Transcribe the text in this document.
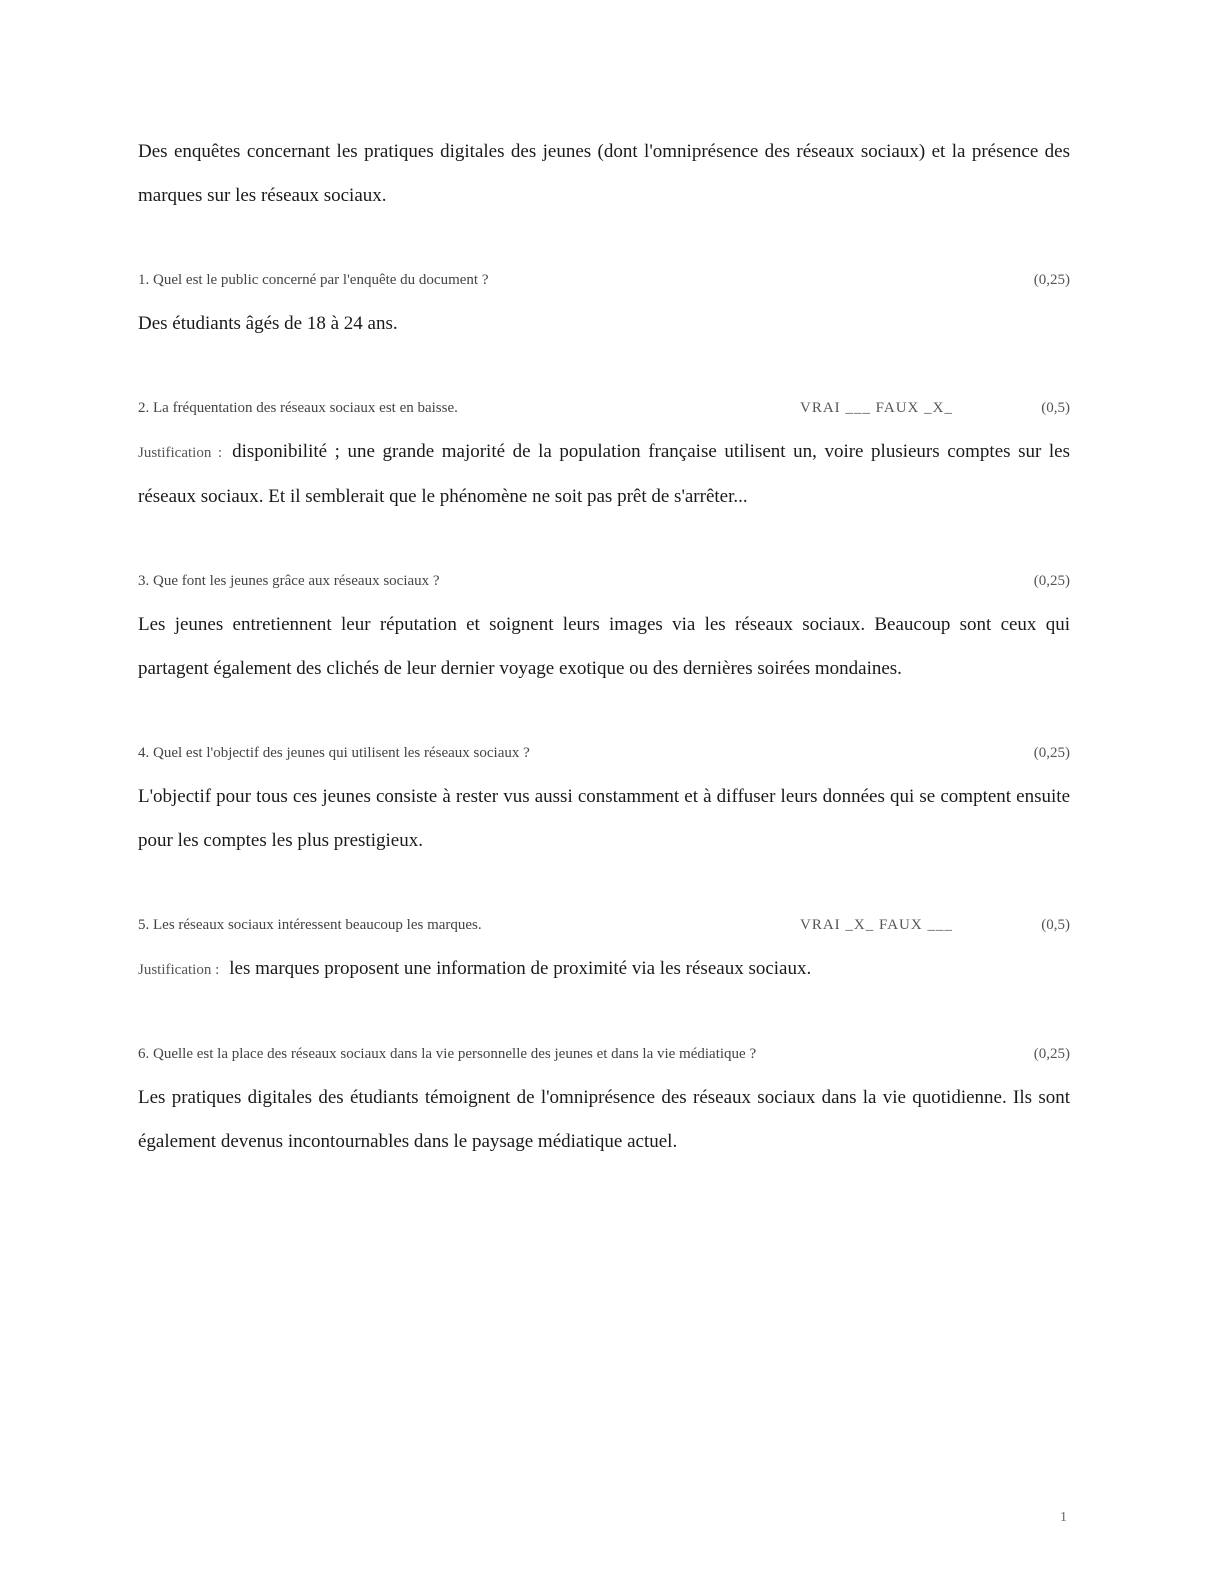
Des enquêtes concernant les pratiques digitales des jeunes (dont l'omniprésence des réseaux sociaux) et la présence des marques sur les réseaux sociaux.

1. Quel est le public concerné par l'enquête du document ?	(0,25)

Des étudiants âgés de 18 à 24 ans.

2. La fréquentation des réseaux sociaux est en baisse.	VRAI ___ FAUX _X_	(0,5)

Justification : disponibilité ; une grande majorité de la population française utilisent un, voire plusieurs comptes sur les réseaux sociaux. Et il semblerait que le phénomène ne soit pas prêt de s'arrêter...

3. Que font les jeunes grâce aux réseaux sociaux ?	(0,25)

Les jeunes entretiennent leur réputation et soignent leurs images via les réseaux sociaux. Beaucoup sont ceux qui partagent également des clichés de leur dernier voyage exotique ou des dernières soirées mondaines.

4. Quel est l'objectif des jeunes qui utilisent les réseaux sociaux ?	(0,25)

L'objectif pour tous ces jeunes consiste à rester vus aussi constamment et à diffuser leurs données qui se comptent ensuite pour les comptes les plus prestigieux.

5. Les réseaux sociaux intéressent beaucoup les marques.	VRAI _X_ FAUX ___	(0,5)

Justification : les marques proposent une information de proximité via les réseaux sociaux.

6. Quelle est la place des réseaux sociaux dans la vie personnelle des jeunes et dans la vie médiatique ?	(0,25)

Les pratiques digitales des étudiants témoignent de l'omniprésence des réseaux sociaux dans la vie quotidienne. Ils sont également devenus incontournables dans le paysage médiatique actuel.

1
